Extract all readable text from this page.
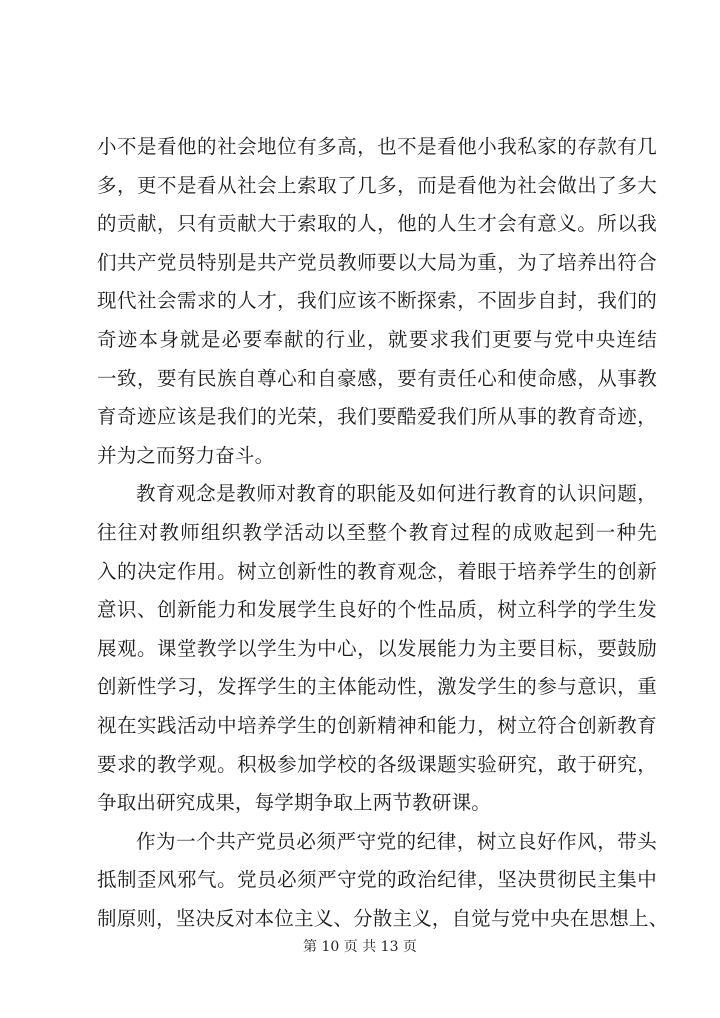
小不是看他的社会地位有多高，也不是看他小我私家的存款有几
多，更不是看从社会上索取了几多，而是看他为社会做出了多大
的贡献，只有贡献大于索取的人，他的人生才会有意义。所以我
们共产党员特别是共产党员教师要以大局为重，为了培养出符合
现代社会需求的人才，我们应该不断探索，不固步自封，我们的
奇迹本身就是必要奉献的行业，就要求我们更要与党中央连结
一致，要有民族自尊心和自豪感，要有责任心和使命感，从事教
育奇迹应该是我们的光荣，我们要酷爱我们所从事的教育奇迹，
并为之而努力奋斗。
教育观念是教师对教育的职能及如何进行教育的认识问题，
往往对教师组织教学活动以至整个教育过程的成败起到一种先
入的决定作用。树立创新性的教育观念，着眼于培养学生的创新
意识、创新能力和发展学生良好的个性品质，树立科学的学生发
展观。课堂教学以学生为中心，以发展能力为主要目标，要鼓励
创新性学习，发挥学生的主体能动性，激发学生的参与意识，重
视在实践活动中培养学生的创新精神和能力，树立符合创新教育
要求的教学观。积极参加学校的各级课题实验研究，敢于研究，
争取出研究成果，每学期争取上两节教研课。
作为一个共产党员必须严守党的纪律，树立良好作风，带头
抵制歪风邪气。党员必须严守党的政治纪律，坚决贯彻民主集中
制原则，坚决反对本位主义、分散主义，自觉与党中央在思想上、
第 10 页 共 13 页
